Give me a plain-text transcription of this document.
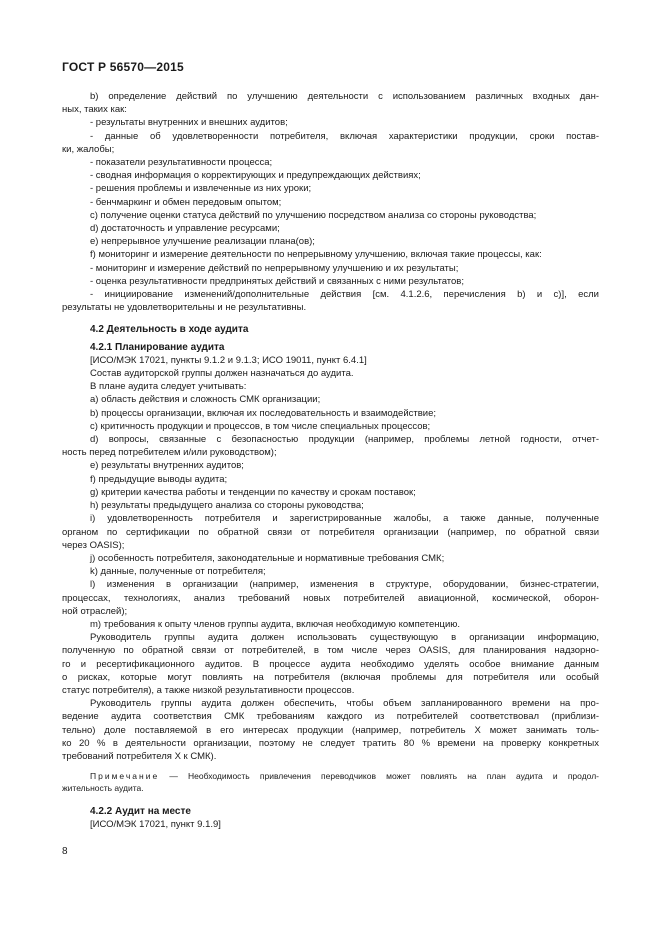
ГОСТ Р 56570—2015
b) определение действий по улучшению деятельности с использованием различных входных дан-
ных, таких как:
- результаты внутренних и внешних аудитов;
- данные об удовлетворенности потребителя, включая характеристики продукции, сроки постав-
ки, жалобы;
- показатели результативности процесса;
- сводная информация о корректирующих и предупреждающих действиях;
- решения проблемы и извлеченные из них уроки;
- бенчмаркинг и обмен передовым опытом;
с) получение оценки статуса действий по улучшению посредством анализа со стороны руководства;
d) достаточность и управление ресурсами;
е) непрерывное улучшение реализации плана(ов);
f) мониторинг и измерение деятельности по непрерывному улучшению, включая такие процессы, как:
- мониторинг и измерение действий по непрерывному улучшению и их результаты;
- оценка результативности предпринятых действий и связанных с ними результатов;
- инициирование изменений/дополнительные действия [см. 4.1.2.6, перечисления b) и с)], если
результаты не удовлетворительны и не результативны.
4.2 Деятельность в ходе аудита
4.2.1 Планирование аудита
[ИСО/МЭК 17021, пункты 9.1.2 и 9.1.3; ИСО 19011, пункт 6.4.1]
Состав аудиторской группы должен назначаться до аудита.
В плане аудита следует учитывать:
а) область действия и сложность СМК организации;
b) процессы организации, включая их последовательность и взаимодействие;
с) критичность продукции и процессов, в том числе специальных процессов;
d) вопросы, связанные с безопасностью продукции (например, проблемы летной годности, отчет-
ность перед потребителем и/или руководством);
е) результаты внутренних аудитов;
f) предыдущие выводы аудита;
g) критерии качества работы и тенденции по качеству и срокам поставок;
h) результаты предыдущего анализа со стороны руководства;
i) удовлетворенность потребителя и зарегистрированные жалобы, а также данные, полученные
органом по сертификации по обратной связи от потребителя организации (например, по обратной связи
через OASIS);
j) особенность потребителя, законодательные и нормативные требования СМК;
k) данные, полученные от потребителя;
l) изменения в организации (например, изменения в структуре, оборудовании, бизнес-стратегии,
процессах, технологиях, анализ требований новых потребителей авиационной, космической, оборон-
ной отраслей);
m) требования к опыту членов группы аудита, включая необходимую компетенцию.
Руководитель группы аудита должен использовать существующую в организации информацию,
полученную по обратной связи от потребителей, в том числе через OASIS, для планирования надзорно-
го и ресертификационного аудитов. В процессе аудита необходимо уделять особое внимание данным
о рисках, которые могут повлиять на потребителя (включая проблемы для потребителя или особый
статус потребителя), а также низкой результативности процессов.
Руководитель группы аудита должен обеспечить, чтобы объем запланированного времени на про-
ведение аудита соответствия СМК требованиям каждого из потребителей соответствовал (приблизи-
тельно) доле поставляемой в его интересах продукции (например, потребитель X может занимать толь-
ко 20 % в деятельности организации, поэтому не следует тратить 80 % времени на проверку конкретных
требований потребителя X к СМК).
Примечание — Необходимость привлечения переводчиков может повлиять на план аудита и продол-
жительность аудита.
4.2.2 Аудит на месте
[ИСО/МЭК 17021, пункт 9.1.9]
8
